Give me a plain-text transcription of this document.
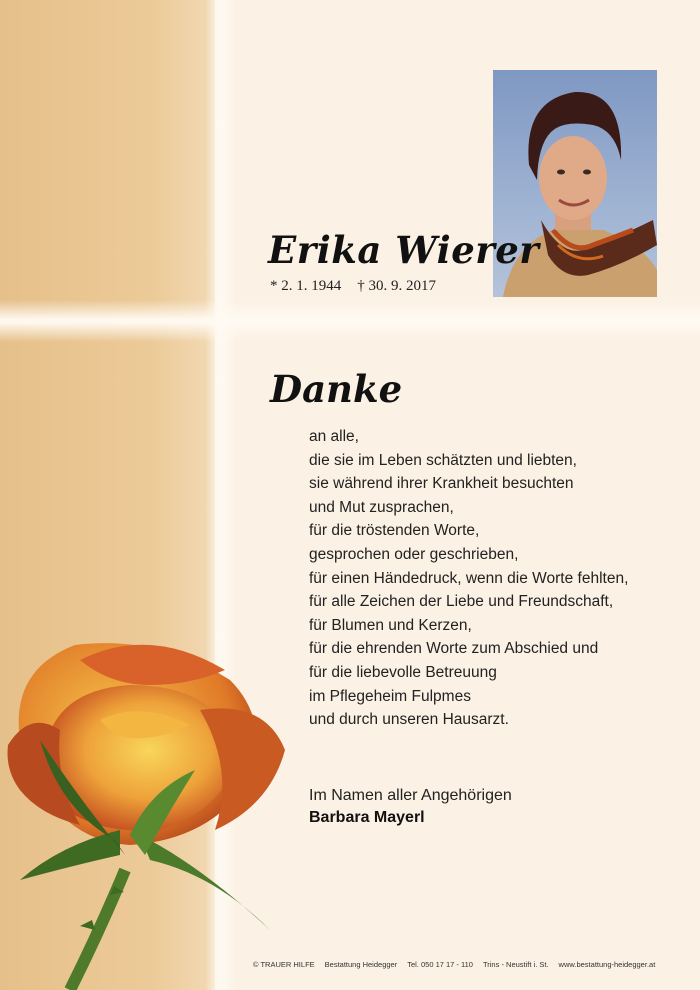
Erika Wierer
* 2. 1. 1944 † 30. 9. 2017
Danke
an alle,
die sie im Leben schätzten und liebten,
sie während ihrer Krankheit besuchten
und Mut zusprachen,
für die tröstenden Worte,
gesprochen oder geschrieben,
für einen Händedruck, wenn die Worte fehlten,
für alle Zeichen der Liebe und Freundschaft,
für Blumen und Kerzen,
für die ehrenden Worte zum Abschied und
für die liebevolle Betreuung
im Pflegeheim Fulpmes
und durch unseren Hausarzt.
Im Namen aller Angehörigen
Barbara Mayerl
© TRAUER HILFE Bestattung Heidegger Tel. 050 17 17 - 110 Trins - Neustift i. St. www.bestattung-heidegger.at
